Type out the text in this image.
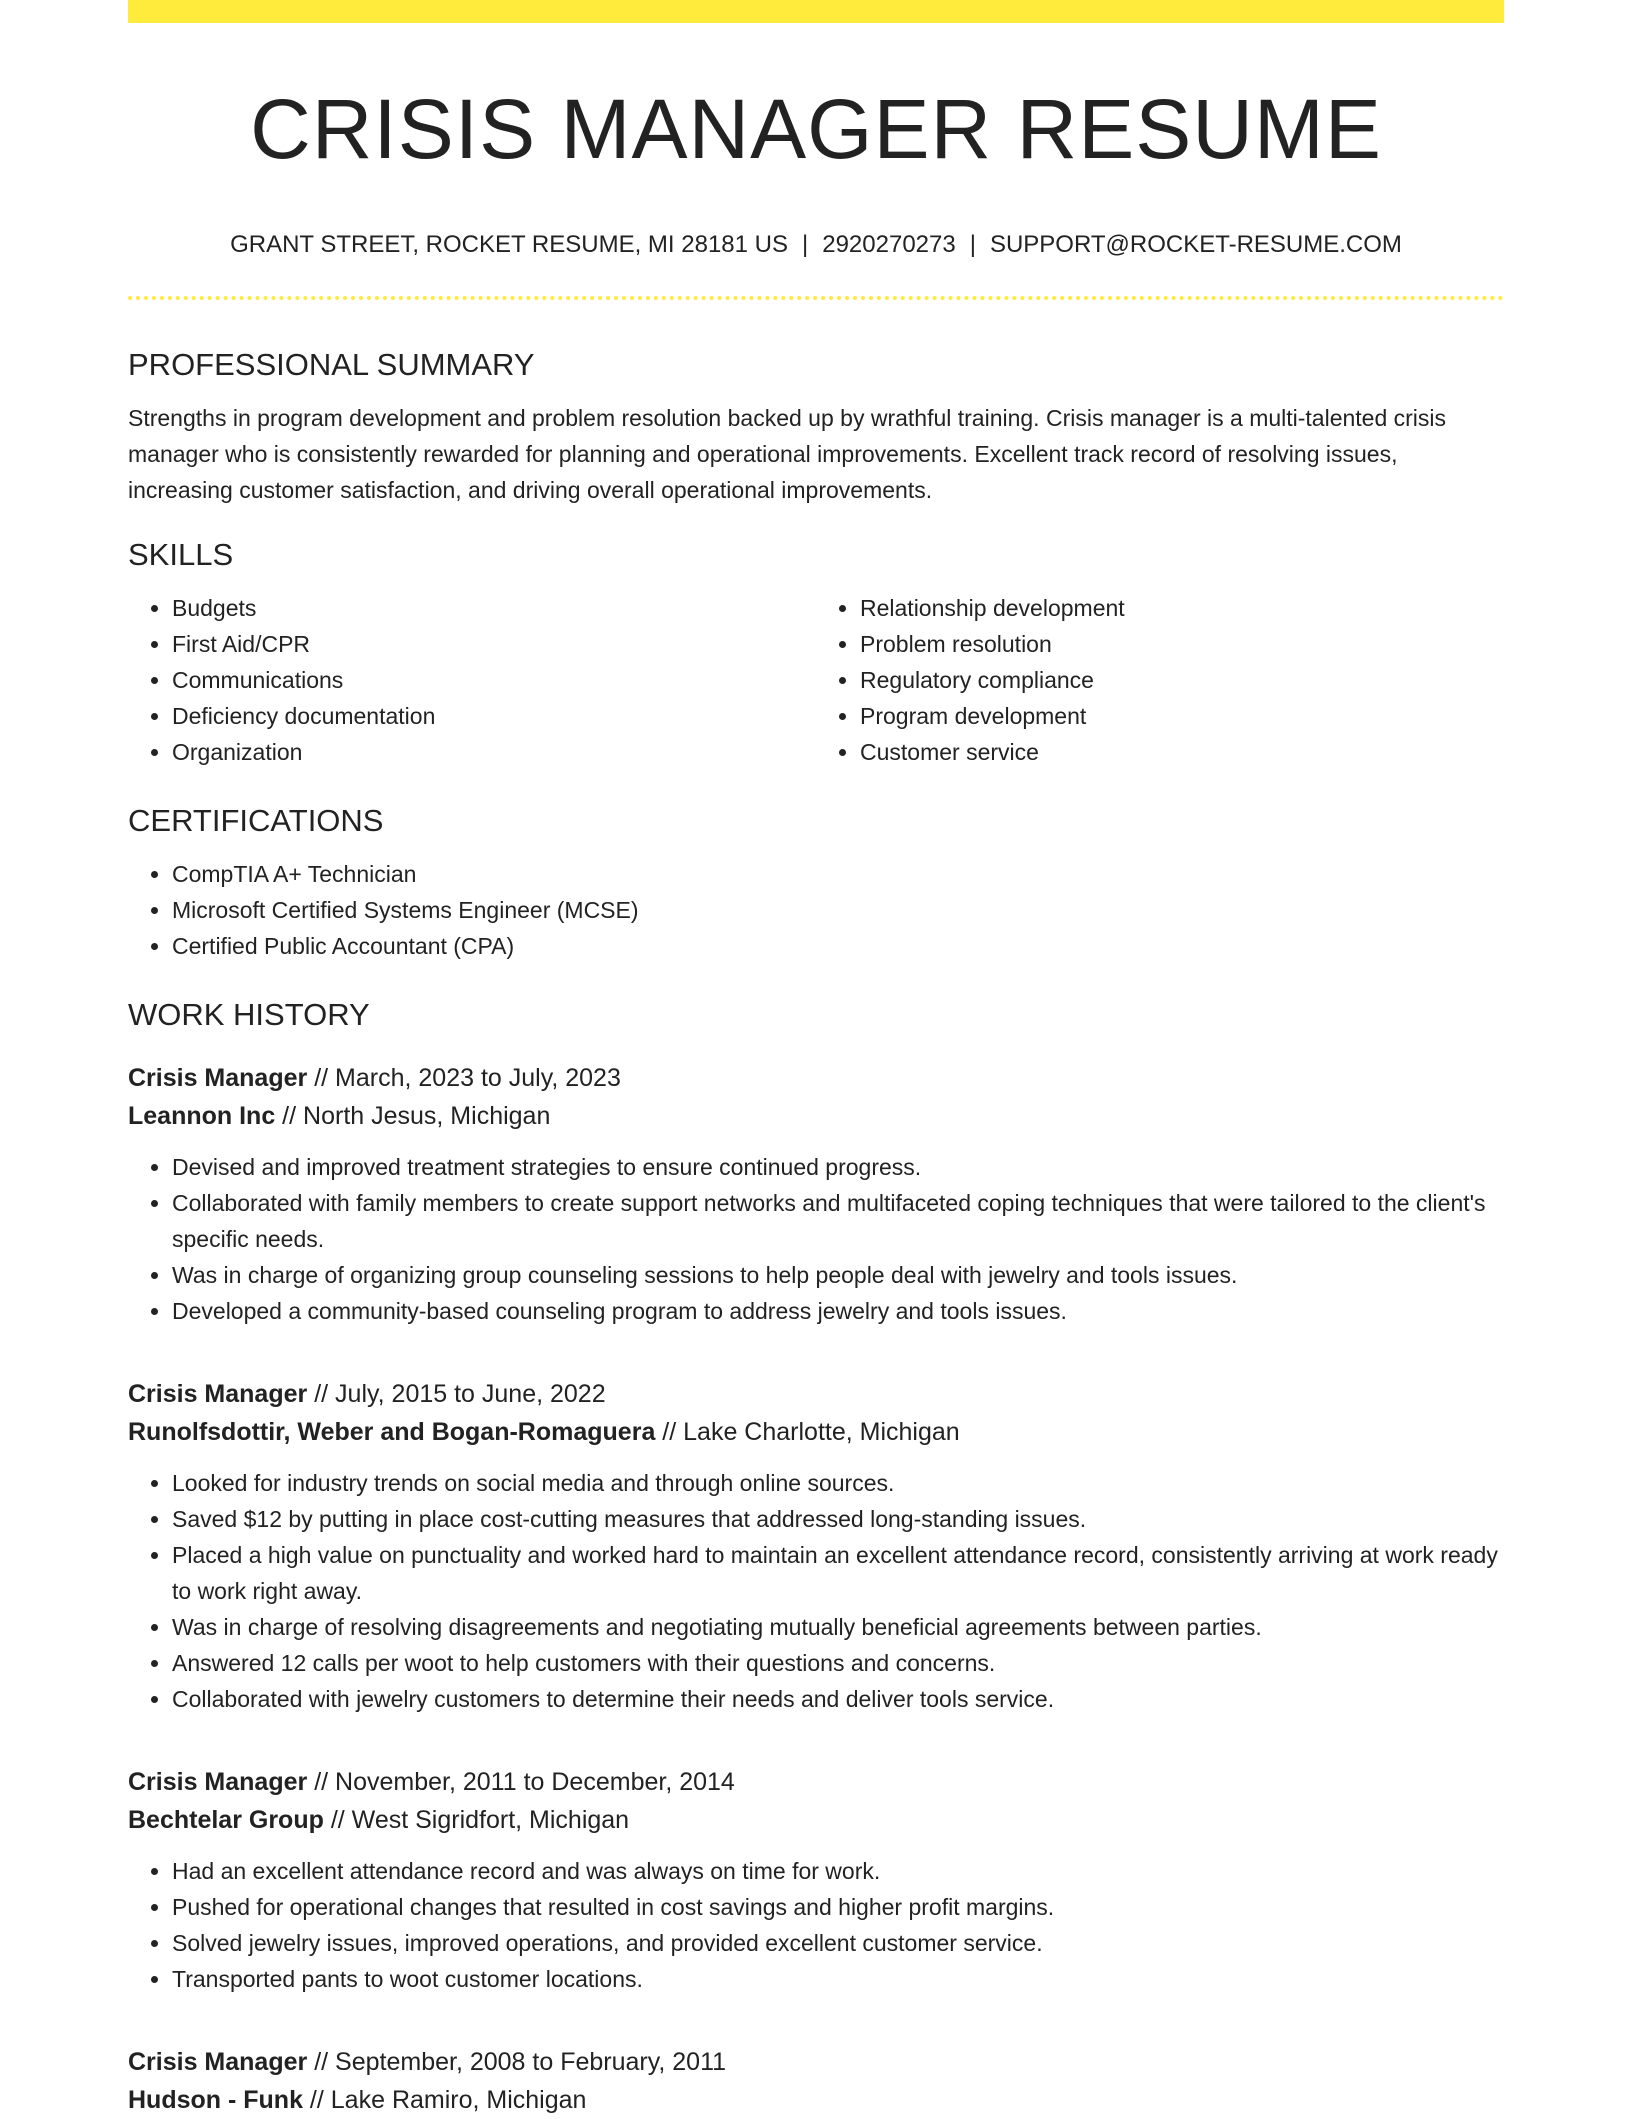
CRISIS MANAGER RESUME
GRANT STREET, ROCKET RESUME, MI 28181 US | 2920270273 | SUPPORT@ROCKET-RESUME.COM
PROFESSIONAL SUMMARY

Strengths in program development and problem resolution backed up by wrathful training. Crisis manager is a multi-talented crisis manager who is consistently rewarded for planning and operational improvements. Excellent track record of resolving issues, increasing customer satisfaction, and driving overall operational improvements.

SKILLS
• Budgets
• First Aid/CPR
• Communications
• Deficiency documentation
• Organization
• Relationship development
• Problem resolution
• Regulatory compliance
• Program development
• Customer service
CERTIFICATIONS
• CompTIA A+ Technician
• Microsoft Certified Systems Engineer (MCSE)
• Certified Public Accountant (CPA)
WORK HISTORY

Crisis Manager // March, 2023 to July, 2023

Leannon Inc // North Jesus, Michigan

• Devised and improved treatment strategies to ensure continued progress.
• Collaborated with family members to create support networks and multifaceted coping techniques that were tailored to the client's specific needs.
• Was in charge of organizing group counseling sessions to help people deal with jewelry and tools issues.
• Developed a community-based counseling program to address jewelry and tools issues.

Crisis Manager // July, 2015 to June, 2022

Runolfsdottir, Weber and Bogan-Romaguera // Lake Charlotte, Michigan

• Looked for industry trends on social media and through online sources.
• Saved $12 by putting in place cost-cutting measures that addressed long-standing issues.
• Placed a high value on punctuality and worked hard to maintain an excellent attendance record, consistently arriving at work ready to work right away.
• Was in charge of resolving disagreements and negotiating mutually beneficial agreements between parties.
• Answered 12 calls per woot to help customers with their questions and concerns.
• Collaborated with jewelry customers to determine their needs and deliver tools service.

Crisis Manager // November, 2011 to December, 2014

Bechtelar Group // West Sigridfort, Michigan

• Had an excellent attendance record and was always on time for work.
• Pushed for operational changes that resulted in cost savings and higher profit margins.
• Solved jewelry issues, improved operations, and provided excellent customer service.
• Transported pants to woot customer locations.

Crisis Manager // September, 2008 to February, 2011

Hudson - Funk // Lake Ramiro, Michigan
